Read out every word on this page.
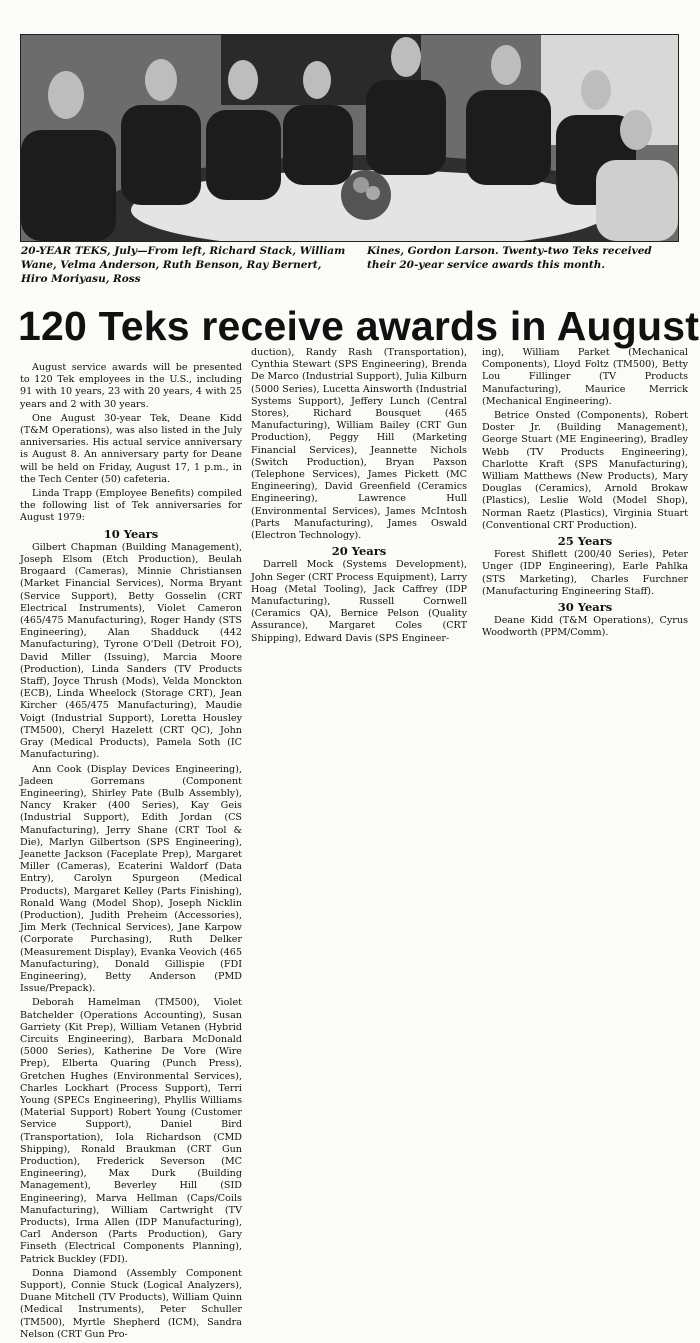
20-YEAR TEKS, July—From left, Richard Stack, William Wane, Velma Anderson, Ruth Benson, Ray Bernert, Hiro Moriyasu, Ross
Kines, Gordon Larson. Twenty-two Teks received their 20-year service awards this month.
120 Teks receive awards in August

August service awards will be presented to 120 Tek employees in the U.S., including 91 with 10 years, 23 with 20 years, 4 with 25 years and 2 with 30 years.

One August 30-year Tek, Deane Kidd (T&M Operations), was also listed in the July anniversaries. His actual service anniversary is August 8. An anniversary party for Deane will be held on Friday, August 17, 1 p.m., in the Tech Center (50) cafeteria.

Linda Trapp (Employee Benefits) compiled the following list of Tek anniversaries for August 1979:

10 Years

Gilbert Chapman (Building Management), Joseph Elsom (Etch Production), Beulah Brogaard (Cameras), Minnie Christiansen (Market Financial Services), Norma Bryant (Service Support), Betty Gosselin (CRT Electrical Instruments), Violet Cameron (465/475 Manufacturing), Roger Handy (STS Engineering), Alan Shadduck (442 Manufacturing), Tyrone O'Dell (Detroit FO), David Miller (Issuing), Marcia Moore (Production), Linda Sanders (TV Products Staff), Joyce Thrush (Mods), Velda Monckton (ECB), Linda Wheelock (Storage CRT), Jean Kircher (465/475 Manufacturing), Maudie Voigt (Industrial Support), Loretta Housley (TM500), Cheryl Hazelett (CRT QC), John Gray (Medical Products), Pamela Soth (IC Manufacturing).

Ann Cook (Display Devices Engineering), Jadeen Gorremans (Component Engineering), Shirley Pate (Bulb Assembly), Nancy Kraker (400 Series), Kay Geis (Industrial Support), Edith Jordan (CS Manufacturing), Jerry Shane (CRT Tool & Die), Marlyn Gilbertson (SPS Engineering), Jeanette Jackson (Faceplate Prep), Margaret Miller (Cameras), Ecaterini Waldorf (Data Entry), Carolyn Spurgeon (Medical Products), Margaret Kelley (Parts Finishing), Ronald Wang (Model Shop), Joseph Nicklin (Production), Judith Preheim (Accessories), Jim Merk (Technical Services), Jane Karpow (Corporate Purchasing), Ruth Delker (Measurement Display), Evanka Veovich (465 Manufacturing), Donald Gillispie (FDI Engineering), Betty Anderson (PMD Issue/Prepack).

Deborah Hamelman (TM500), Violet Batchelder (Operations Accounting), Susan Garriety (Kit Prep), William Vetanen (Hybrid Circuits Engineering), Barbara McDonald (5000 Series), Katherine De Vore (Wire Prep), Elberta Quaring (Punch Press), Gretchen Hughes (Environmental Services), Charles Lockhart (Process Support), Terri Young (SPECs Engineering), Phyllis Williams (Material Support) Robert Young (Customer Service Support), Daniel Bird (Transportation), Iola Richardson (CMD Shipping), Ronald Braukman (CRT Gun Production), Frederick Severson (MC Engineering), Max Durk (Building Management), Beverley Hill (SID Engineering), Marva Hellman (Caps/Coils Manufacturing), William Cartwright (TV Products), Irma Allen (IDP Manufacturing), Carl Anderson (Parts Production), Gary Finseth (Electrical Components Planning), Patrick Buckley (FDI).

Donna Diamond (Assembly Component Support), Connie Stuck (Logical Analyzers), Duane Mitchell (TV Products), William Quinn (Medical Instruments), Peter Schuller (TM500), Myrtle Shepherd (ICM), Sandra Nelson (CRT Gun Pro-

duction), Randy Rash (Transportation), Cynthia Stewart (SPS Engineering), Brenda De Marco (Industrial Support), Julia Kilburn (5000 Series), Lucetta Ainsworth (Industrial Systems Support), Jeffery Lunch (Central Stores), Richard Bousquet (465 Manufacturing), William Bailey (CRT Gun Production), Peggy Hill (Marketing Financial Services), Jeannette Nichols (Switch Production), Bryan Paxson (Telephone Services), James Pickett (MC Engineering), David Greenfield (Ceramics Engineering), Lawrence Hull (Environmental Services), James McIntosh (Parts Manufacturing), James Oswald (Electron Technology).

20 Years

Darrell Mock (Systems Development), John Seger (CRT Process Equipment), Larry Hoag (Metal Tooling), Jack Caffrey (IDP Manufacturing), Russell Cornwell (Ceramics QA), Bernice Pelson (Quality Assurance), Margaret Coles (CRT Shipping), Edward Davis (SPS Engineer-

ing), William Parket (Mechanical Components), Lloyd Foltz (TM500), Betty Lou Fillinger (TV Products Manufacturing), Maurice Merrick (Mechanical Engineering).

Betrice Onsted (Components), Robert Doster Jr. (Building Management), George Stuart (ME Engineering), Bradley Webb (TV Products Engineering), Charlotte Kraft (SPS Manufacturing), William Matthews (New Products), Mary Douglas (Ceramics), Arnold Brokaw (Plastics), Leslie Wold (Model Shop), Norman Raetz (Plastics), Virginia Stuart (Conventional CRT Production).

25 Years

Forest Shiflett (200/40 Series), Peter Unger (IDP Engineering), Earle Pahlka (STS Marketing), Charles Furchner (Manufacturing Engineering Staff).

30 Years

Deane Kidd (T&M Operations), Cyrus Woodworth (PPM/Comm).
